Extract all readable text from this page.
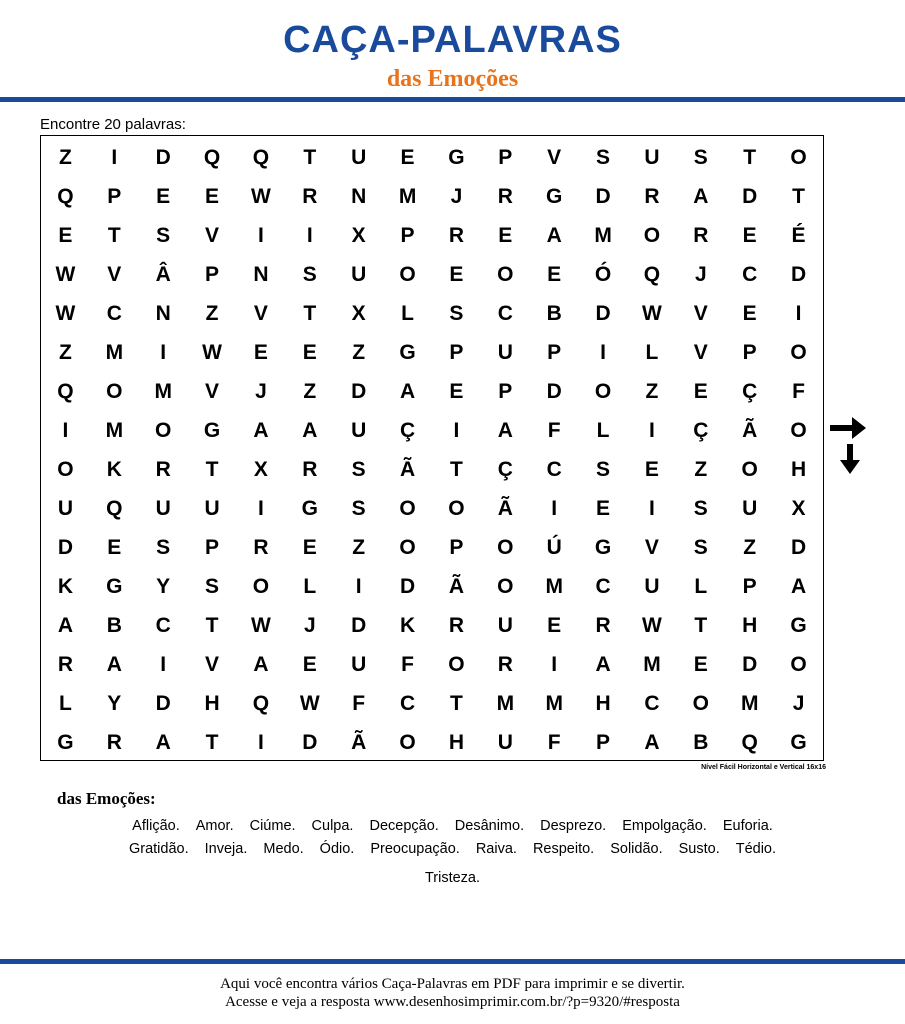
CAÇA-PALAVRAS
das Emoções
Encontre 20 palavras:
Z	I	D	Q	Q	T	U	E	G	P	V	S	U	S	T	O
Q	P	E	E	W	R	N	M	J	R	G	D	R	A	D	T
E	T	S	V	I	I	X	P	R	E	A	M	O	R	E	É
W	V	Â	P	N	S	U	O	E	O	E	Ó	Q	J	C	D
W	C	N	Z	V	T	X	L	S	C	B	D	W	V	E	I
Z	M	I	W	E	E	Z	G	P	U	P	I	L	V	P	O
Q	O	M	V	J	Z	D	A	E	P	D	O	Z	E	Ç	F
I	M	O	G	A	A	U	Ç	I	A	F	L	I	Ç	Ã	O
O	K	R	T	X	R	S	Ã	T	Ç	C	S	E	Z	O	H
U	Q	U	U	I	G	S	O	O	Ã	I	E	I	S	U	X
D	E	S	P	R	E	Z	O	P	O	Ú	G	V	S	Z	D
K	G	Y	S	O	L	I	D	Ã	O	M	C	U	L	P	A
A	B	C	T	W	J	D	K	R	U	E	R	W	T	H	G
R	A	I	V	A	E	U	F	O	R	I	A	M	E	D	O
L	Y	D	H	Q	W	F	C	T	M	M	H	C	O	M	J
G	R	A	T	I	D	Ã	O	H	U	F	P	A	B	Q	G
Nível Fácil Horizontal e Vertical 16x16
das Emoções:
Aflição. Amor. Ciúme. Culpa. Decepção. Desânimo. Desprezo. Empolgação. Euforia.
Gratidão. Inveja. Medo. Ódio. Preocupação. Raiva. Respeito. Solidão. Susto. Tédio.
Tristeza.
Aqui você encontra vários Caça-Palavras em PDF para imprimir e se divertir.
Acesse e veja a resposta www.desenhosimprimir.com.br/?p=9320/#resposta
